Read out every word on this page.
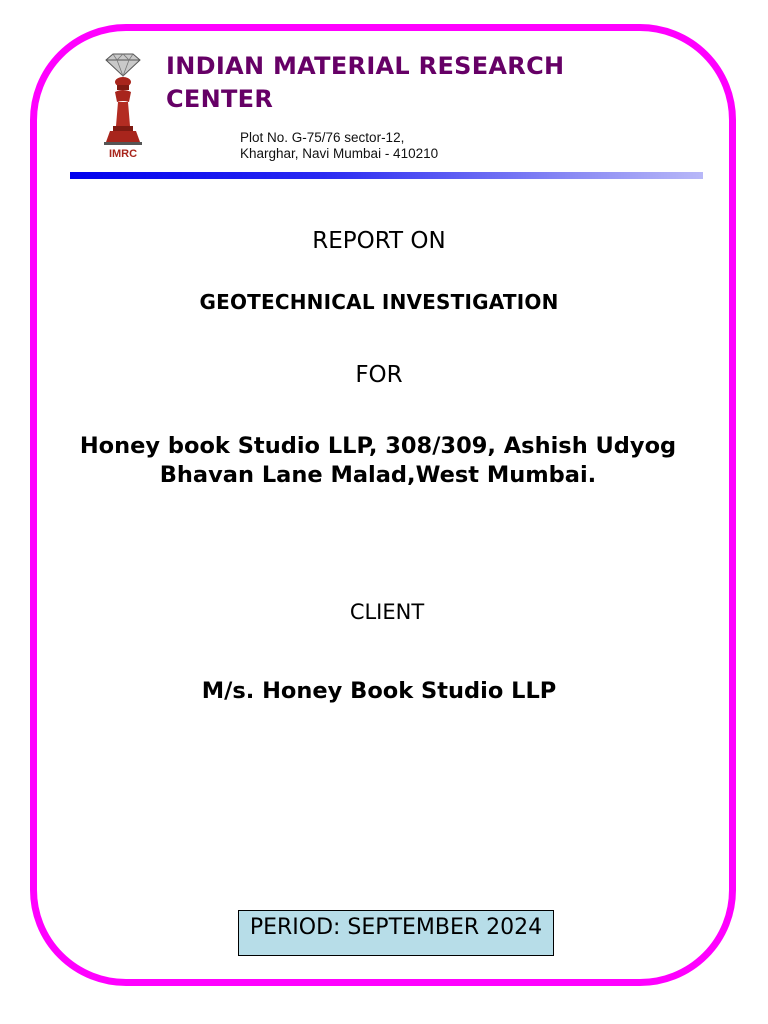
IMRC
INDIAN MATERIAL RESEARCH CENTER
Plot No. G-75/76 sector-12,
Kharghar, Navi Mumbai - 410210
REPORT ON
GEOTECHNICAL INVESTIGATION
FOR
Honey book Studio LLP, 308/309, Ashish Udyog Bhavan Lane Malad,West Mumbai.
CLIENT
M/s. Honey Book Studio LLP
PERIOD: SEPTEMBER 2024
